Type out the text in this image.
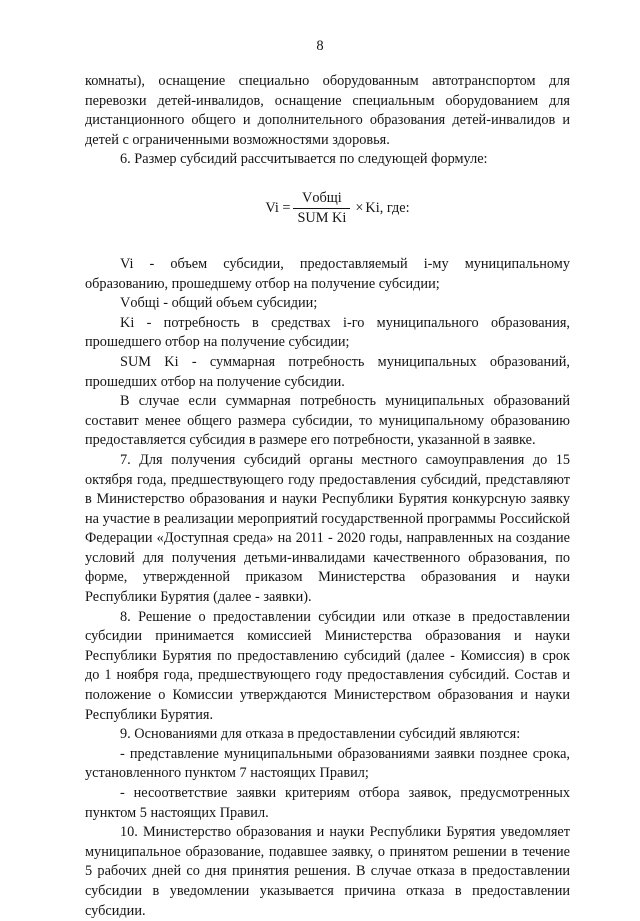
8

комнаты), оснащение специально оборудованным автотранспортом для перевозки детей-инвалидов, оснащение специальным оборудованием для дистанционного общего и дополнительного образования детей-инвалидов и детей с ограниченными возможностями здоровья.

6. Размер субсидий рассчитывается по следующей формуле:

$Vi = \frac{\text{Vобщі}}{\text{SUM Ki}} \times Ki$, где:

Vi - объем субсидии, предоставляемый i-му муниципальному образованию, прошедшему отбор на получение субсидии;

Vобщі - общий объем субсидии;

Ki - потребность в средствах i-го муниципального образования, прошедшего отбор на получение субсидии;

SUM Ki - суммарная потребность муниципальных образований, прошедших отбор на получение субсидии.

В случае если суммарная потребность муниципальных образований составит менее общего размера субсидии, то муниципальному образованию предоставляется субсидия в размере его потребности, указанной в заявке.

7. Для получения субсидий органы местного самоуправления до 15 октября года, предшествующего году предоставления субсидий, представляют в Министерство образования и науки Республики Бурятия конкурсную заявку на участие в реализации мероприятий государственной программы Российской Федерации «Доступная среда» на 2011 - 2020 годы, направленных на создание условий для получения детьми-инвалидами качественного образования, по форме, утвержденной приказом Министерства образования и науки Республики Бурятия (далее - заявки).

8. Решение о предоставлении субсидии или отказе в предоставлении субсидии принимается комиссией Министерства образования и науки Республики Бурятия по предоставлению субсидий (далее - Комиссия) в срок до 1 ноября года, предшествующего году предоставления субсидий. Состав и положение о Комиссии утверждаются Министерством образования и науки Республики Бурятия.

9. Основаниями для отказа в предоставлении субсидий являются:

- представление муниципальными образованиями заявки позднее срока, установленного пунктом 7 настоящих Правил;

- несоответствие заявки критериям отбора заявок, предусмотренных пунктом 5 настоящих Правил.

10. Министерство образования и науки Республики Бурятия уведомляет муниципальное образование, подавшее заявку, о принятом решении в течение 5 рабочих дней со дня принятия решения. В случае отказа в предоставлении субсидии в уведомлении указывается причина отказа в предоставлении субсидии.
